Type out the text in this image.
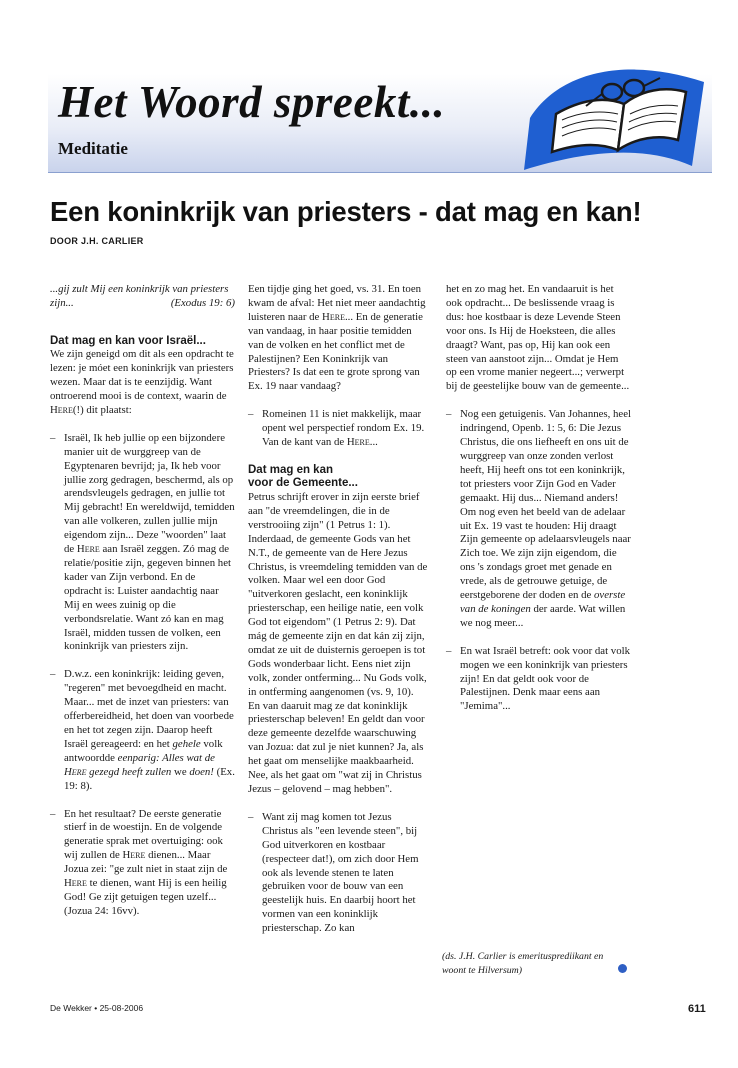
Het Woord spreekt...
Meditatie
Een koninkrijk van priesters - dat mag en kan!
DOOR J.H. CARLIER

...gij zult Mij een koninkrijk van priesters zijn...	(Exodus 19: 6)

Dat mag en kan voor Israël...

We zijn geneigd om dit als een opdracht te lezen: je móet een koninkrijk van priesters wezen. Maar dat is te eenzijdig. Want ontroerend mooi is de context, waarin de Here(!) dit plaatst:

– Israël, Ik heb jullie op een bijzondere manier uit de wurggreep van de Egyptenaren bevrijd; ja, Ik heb voor jullie zorg gedragen, beschermd, als op arendsvleugels gedragen, en jullie tot Mij gebracht! En wereldwijd, temidden van alle volkeren, zullen jullie mijn eigendom zijn... Deze "woorden" laat de Here aan Israël zeggen. Zó mag de relatie/positie zijn, gegeven binnen het kader van Zijn verbond. En de opdracht is: Luister aandachtig naar Mij en wees zuinig op die verbondsrelatie. Want zó kan en mag Israël, midden tussen de volken, een koninkrijk van priesters zijn.

– D.w.z. een koninkrijk: leiding geven, "regeren" met bevoegdheid en macht. Maar... met de inzet van priesters: van offerbereidheid, het doen van voorbede en het tot zegen zijn. Daarop heeft Israël gereageerd: en het gehele volk antwoordde eenparig: Alles wat de Here gezegd heeft zullen we doen! (Ex. 19: 8).

– En het resultaat? De eerste generatie stierf in de woestijn. En de volgende generatie sprak met overtuiging: ook wij zullen de Here dienen... Maar Jozua zei: "ge zult niet in staat zijn de Here te dienen, want Hij is een heilig God! Ge zijt getuigen tegen uzelf... (Jozua 24: 16vv).

Een tijdje ging het goed, vs. 31. En toen kwam de afval: Het niet meer aandachtig luisteren naar de Here... En de generatie van vandaag, in haar positie temidden van de volken en het conflict met de Palestijnen? Een Koninkrijk van Priesters? Is dat een te grote sprong van Ex. 19 naar vandaag?

– Romeinen 11 is niet makkelijk, maar opent wel perspectief rondom Ex. 19. Van de kant van de Here...

Dat mag en kan
voor de Gemeente...

Petrus schrijft erover in zijn eerste brief aan "de vreemdelingen, die in de verstrooiing zijn" (1 Petrus 1: 1). Inderdaad, de gemeente Gods van het N.T., de gemeente van de Here Jezus Christus, is vreemdeling temidden van de volken. Maar wel een door God "uitverkoren geslacht, een koninklijk priesterschap, een heilige natie, een volk God tot eigendom" (1 Petrus 2: 9). Dat mág de gemeente zijn en dat kán zij zijn, omdat ze uit de duisternis geroepen is tot Gods wonderbaar licht. Eens niet zijn volk, zonder ontferming... Nu Gods volk, in ontferming aangenomen (vs. 9, 10). En van daaruit mag ze dat koninklijk priesterschap beleven! En geldt dan voor deze gemeente dezelfde waarschuwing van Jozua: dat zul je niet kunnen? Ja, als het gaat om menselijke maakbaarheid. Nee, als het gaat om "wat zij in Christus Jezus – gelovend – mag hebben".

– Want zij mag komen tot Jezus Christus als "een levende steen", bij God uitverkoren en kostbaar (respecteer dat!), om zich door Hem ook als levende stenen te laten gebruiken voor de bouw van een geestelijk huis. En daarbij hoort het vormen van een koninklijk priesterschap. Zo kan

het en zo mag het. En vandaaruit is het ook opdracht... De beslissende vraag is dus: hoe kostbaar is deze Levende Steen voor ons. Is Hij de Hoeksteen, die alles draagt? Want, pas op, Hij kan ook een steen van aanstoot zijn... Omdat je Hem op een vrome manier negeert...; verwerpt bij de geestelijke bouw van de gemeente...

– Nog een getuigenis. Van Johannes, heel indringend, Openb. 1: 5, 6: Die Jezus Christus, die ons liefheeft en ons uit de wurggreep van onze zonden verlost heeft, Hij heeft ons tot een koninkrijk, tot priesters voor Zijn God en Vader gemaakt. Hij dus... Niemand anders!
Om nog even het beeld van de adelaar uit Ex. 19 vast te houden: Hij draagt Zijn gemeente op adelaarsvleugels naar Zich toe. We zijn zijn eigendom, die ons 's zondags groet met genade en vrede, als de getrouwe getuige, de eerstgeborene der doden en de overste van de koningen der aarde. Wat willen we nog meer...

– En wat Israël betreft: ook voor dat volk mogen we een koninkrijk van priesters zijn! En dat geldt ook voor de Palestijnen. Denk maar eens aan "Jemima"...

(ds. J.H. Carlier is emeritusprediikant en woont te Hilversum)
De Wekker • 25-08-2006	611
